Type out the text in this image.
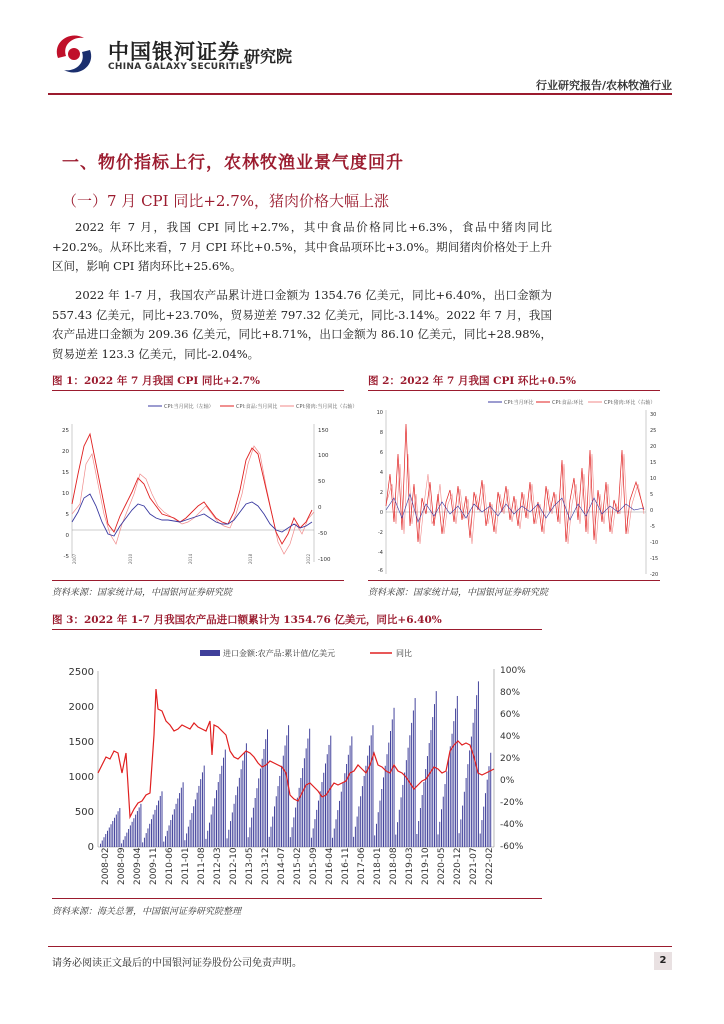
中国银河证券
CHINA GALAXY SECURITIES
研究院
行业研究报告/农林牧渔行业
一、物价指标上行，农林牧渔业景气度回升
（一）7 月 CPI 同比+2.7%，猪肉价格大幅上涨

2022 年 7 月，我国 CPI 同比+2.7%，其中食品价格同比+6.3%，食品中猪肉同比+20.2%。从环比来看，7 月 CPI 环比+0.5%，其中食品项环比+3.0%。期间猪肉价格处于上升区间，影响 CPI 猪肉环比+25.6%。

2022 年 1-7 月，我国农产品累计进口金额为 1354.76 亿美元，同比+6.40%，出口金额为 557.43 亿美元，同比+23.70%，贸易逆差 797.32 亿美元，同比-3.14%。2022 年 7 月，我国农产品进口金额为 209.36 亿美元，同比+8.71%，出口金额为 86.10 亿美元，同比+28.98%，贸易逆差 123.3 亿美元，同比-2.04%。

图 1：2022 年 7 月我国 CPI 同比+2.7%
CPI:当月同比（左轴）	CPI:食品:当月同比	CPI:猪肉:当月同比（右轴）
25
20
15
10
5
0
-5
150
100
50
0
-50
-100
2007	2010	2014	2018	2022
资料来源：国家统计局，中国银河证券研究院
图 2：2022 年 7 月我国 CPI 环比+0.5%
CPI:当月环比	CPI:食品:环比	CPI:猪肉:环比（右轴）
10
8
6
4
2
0
-2
-4
-6
30
25
20
15
10
5
0
-5
-10
-15
-20
资料来源：国家统计局，中国银河证券研究院
图 3：2022 年 1-7 月我国农产品进口额累计为 1354.76 亿美元，同比+6.40%
进口金额:农产品:累计值/亿美元	同比
2500
2000
1500
1000
500
0
100%
80%
60%
40%
20%
0%
-20%
-40%
-60%
2008-02 2008-09 2009-04 2009-11 2010-06 2011-01 2011-08 2012-03 2012-10 2013-05 2013-12 2014-07 2015-02 2015-09 2016-04 2016-11 2017-06 2018-01 2018-08 2019-03 2019-10 2020-05 2020-12 2021-07 2022-02
资料来源：海关总署，中国银河证券研究院整理
请务必阅读正文最后的中国银河证券股份公司免责声明。	2
